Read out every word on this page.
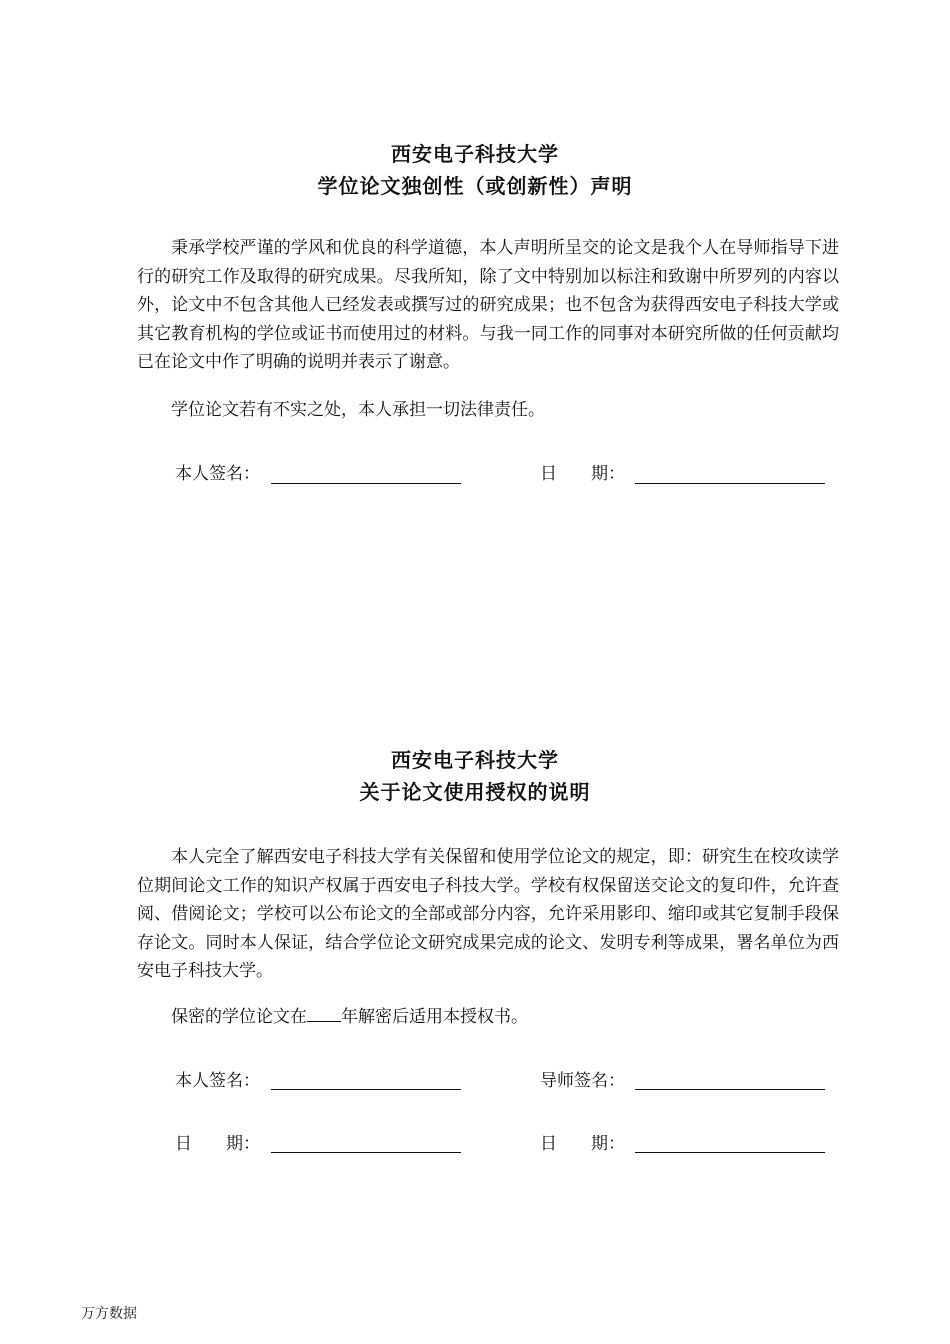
西安电子科技大学
学位论文独创性（或创新性）声明

秉承学校严谨的学风和优良的科学道德，本人声明所呈交的论文是我个人在导师指导下进行的研究工作及取得的研究成果。尽我所知，除了文中特别加以标注和致谢中所罗列的内容以外，论文中不包含其他人已经发表或撰写过的研究成果；也不包含为获得西安电子科技大学或其它教育机构的学位或证书而使用过的材料。与我一同工作的同事对本研究所做的任何贡献均已在论文中作了明确的说明并表示了谢意。

学位论文若有不实之处，本人承担一切法律责任。

本人签名：	日　　期：
西安电子科技大学
关于论文使用授权的说明

本人完全了解西安电子科技大学有关保留和使用学位论文的规定，即：研究生在校攻读学位期间论文工作的知识产权属于西安电子科技大学。学校有权保留送交论文的复印件，允许查阅、借阅论文；学校可以公布论文的全部或部分内容，允许采用影印、缩印或其它复制手段保存论文。同时本人保证，结合学位论文研究成果完成的论文、发明专利等成果，署名单位为西安电子科技大学。

保密的学位论文在 年解密后适用本授权书。

本人签名：	导师签名：
日　　期：	日　　期：
万方数据
